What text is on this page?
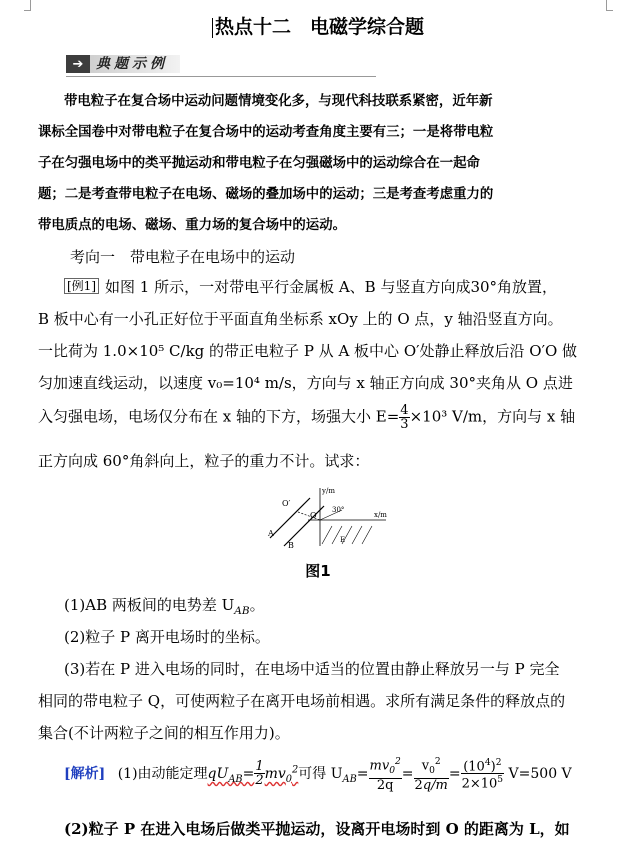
热点十二　电磁学综合题
➔ 典题示例
带电粒子在复合场中运动问题情境变化多，与现代科技联系紧密，近年新
课标全国卷中对带电粒子在复合场中的运动考查角度主要有三；一是将带电粒
子在匀强电场中的类平抛运动和带电粒子在匀强磁场中的运动综合在一起命
题；二是考查带电粒子在电场、磁场的叠加场中的运动；三是考查考虑重力的
带电质点的电场、磁场、重力场的复合场中的运动。
考向一　带电粒子在电场中的运动
[例1] 如图 1 所示，一对带电平行金属板 A、B 与竖直方向成30°角放置，
B 板中心有一小孔正好位于平面直角坐标系 xOy 上的 O 点，y 轴沿竖直方向。
一比荷为 1.0×10⁵ C/kg 的带正电粒子 P 从 A 板中心 O′处静止释放后沿 O′O 做
匀加速直线运动，以速度 v₀=10⁴ m/s，方向与 x 轴正方向成 30°夹角从 O 点进
入匀强电场，电场仅分布在 x 轴的下方，场强大小 $E= \frac{4}{3} \times 10^3$ V/m，方向与 x 轴
正方向成 60°角斜向上，粒子的重力不计。试求：
y/m
x/m
30°
O
O′
A
B
E
图1
(1)AB 两板间的电势差 $U_{AB}$。
(2)粒子 P 离开电场时的坐标。
(3)若在 P 进入电场的同时，在电场中适当的位置由静止释放另一与 P 完全
相同的带电粒子 Q，可使两粒子在离开电场前相遇。求所有满足条件的释放点的
集合(不计两粒子之间的相互作用力)。
[解析] (1)由动能定理$qU_{AB}= \frac{1}{2} mv_0^2$可得 $U_{AB}= \frac{mv_0^2}{2q} = \frac{v_0^2}{2q/m} = \frac{(10^4)^2}{2\times 10^5} V=500$ V
(2)粒子 P 在进入电场后做类平抛运动，设离开电场时到 O 的距离为 L，如
